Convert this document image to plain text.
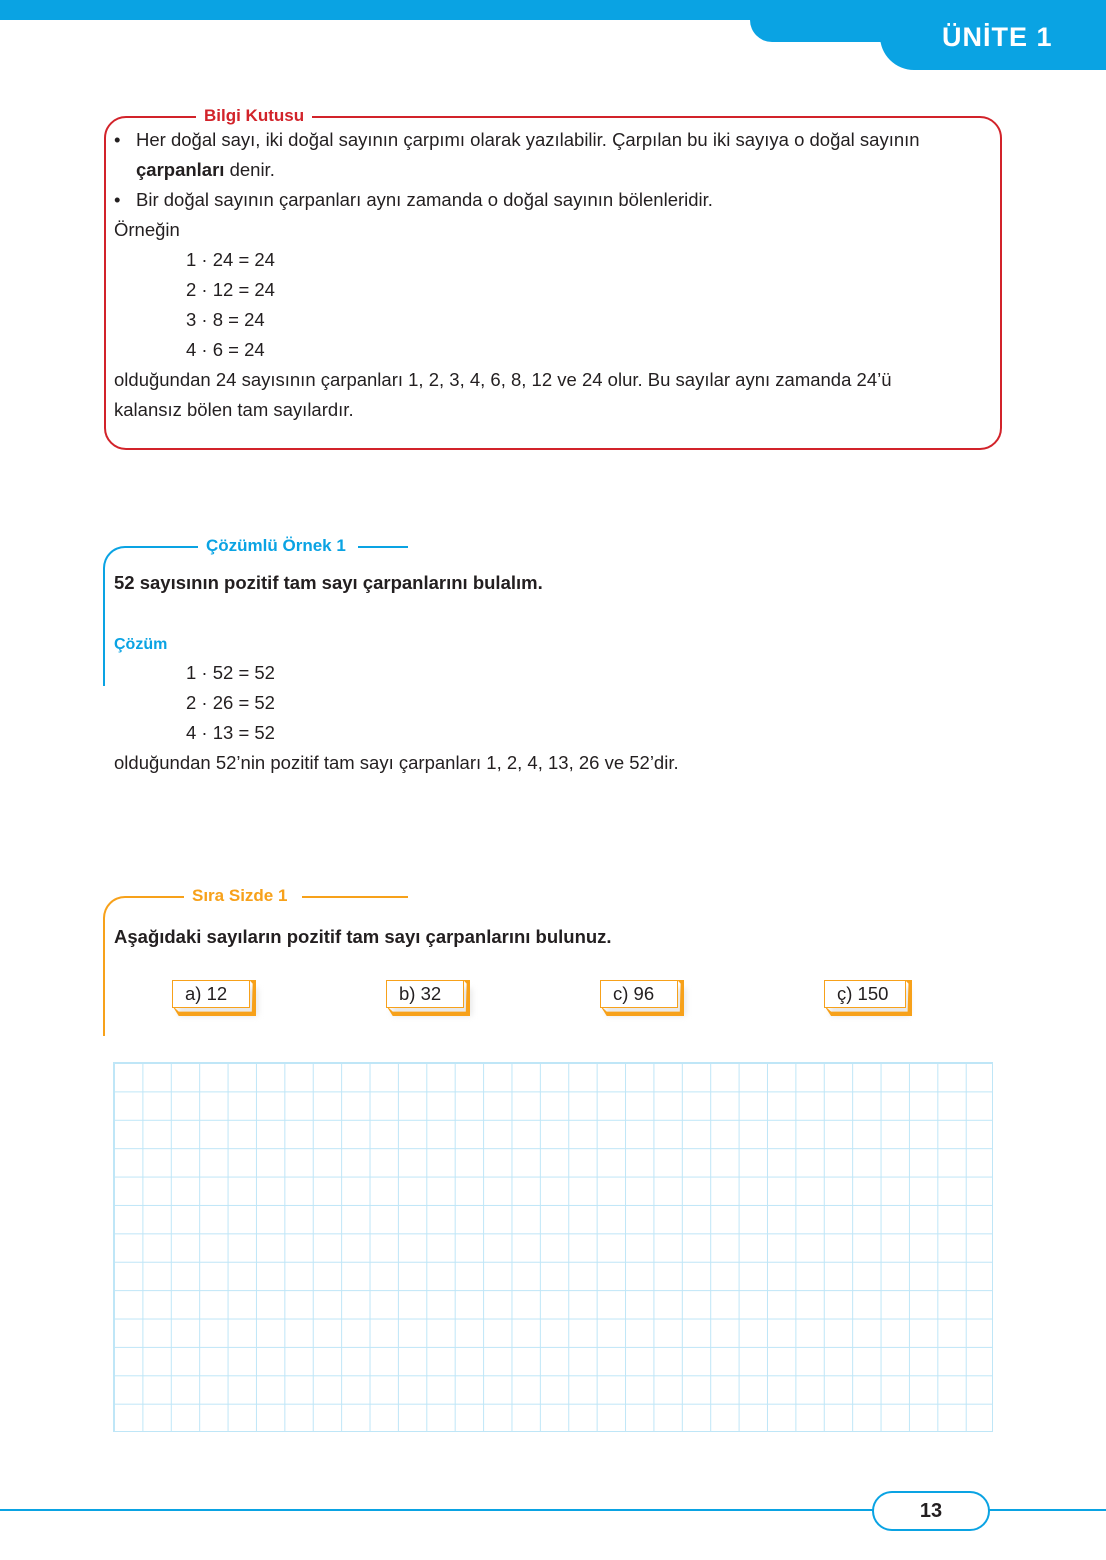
ÜNİTE 1
Bilgi Kutusu
• Her doğal sayı, iki doğal sayının çarpımı olarak yazılabilir. Çarpılan bu iki sayıya o doğal sayının
çarpanları denir.
• Bir doğal sayının çarpanları aynı zamanda o doğal sayının bölenleridir.
Örneğin
1 · 24 = 24
2 · 12 = 24
3 · 8 = 24
4 · 6 = 24
olduğundan 24 sayısının çarpanları 1, 2, 3, 4, 6, 8, 12 ve 24 olur. Bu sayılar aynı zamanda 24’ü
kalansız bölen tam sayılardır.
Çözümlü Örnek 1
52 sayısının pozitif tam sayı çarpanlarını bulalım.
Çözüm
1 · 52 = 52
2 · 26 = 52
4 · 13 = 52
olduğundan 52’nin pozitif tam sayı çarpanları 1, 2, 4, 13, 26 ve 52’dir.
Sıra Sizde 1
Aşağıdaki sayıların pozitif tam sayı çarpanlarını bulunuz.
a) 12	b) 32	c) 96	ç) 150
13
